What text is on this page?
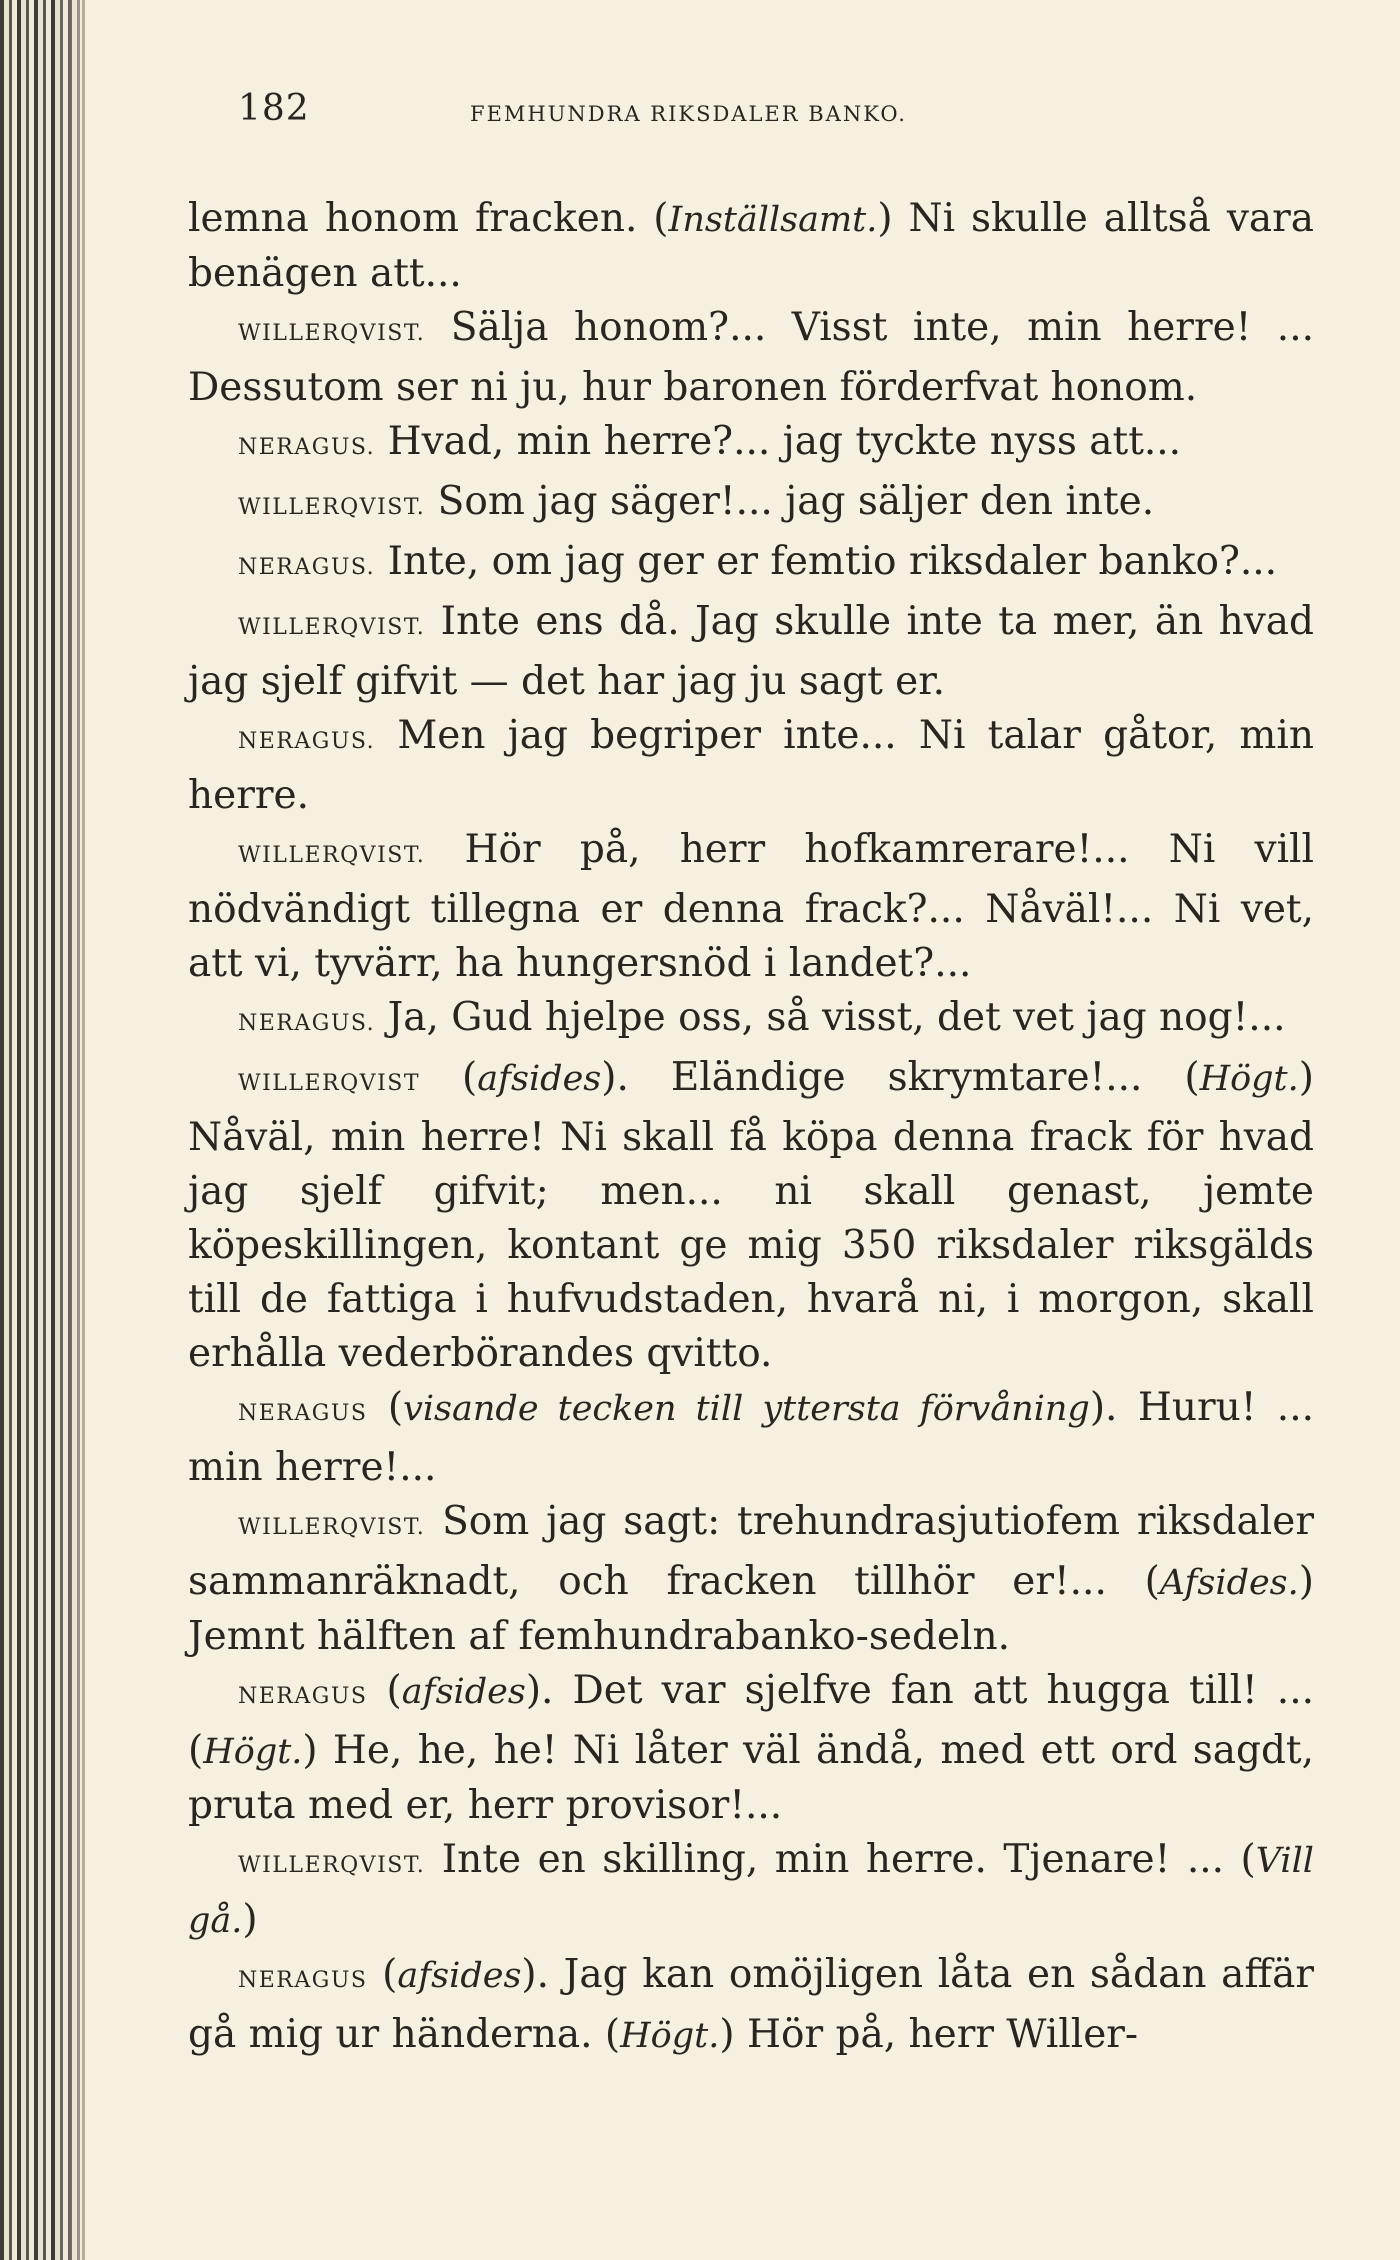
182	FEMHUNDRA RIKSDALER BANKO.

lemna honom fracken. (Inställsamt.) Ni skulle alltså vara benägen att...

WILLERQVIST. Sälja honom?... Visst inte, min herre! ... Dessutom ser ni ju, hur baronen förderfvat honom.

NERAGUS. Hvad, min herre?... jag tyckte nyss att...

WILLERQVIST. Som jag säger!... jag säljer den inte.

NERAGUS. Inte, om jag ger er femtio riksdaler banko?...

WILLERQVIST. Inte ens då. Jag skulle inte ta mer, än hvad jag sjelf gifvit — det har jag ju sagt er.

NERAGUS. Men jag begriper inte... Ni talar gåtor, min herre.

WILLERQVIST. Hör på, herr hofkamrerare!... Ni vill nödvändigt tillegna er denna frack?... Nåväl!... Ni vet, att vi, tyvärr, ha hungersnöd i landet?...

NERAGUS. Ja, Gud hjelpe oss, så visst, det vet jag nog!...

WILLERQVIST (afsides). Eländige skrymtare!... (Högt.) Nåväl, min herre! Ni skall få köpa denna frack för hvad jag sjelf gifvit; men... ni skall genast, jemte köpeskillingen, kontant ge mig 350 riksdaler riksgälds till de fattiga i hufvudstaden, hvarå ni, i morgon, skall erhålla vederbörandes qvitto.

NERAGUS (visande tecken till yttersta förvåning). Huru! ... min herre!...

WILLERQVIST. Som jag sagt: trehundrasjutiofem riksdaler sammanräknadt, och fracken tillhör er!... (Afsides.) Jemnt hälften af femhundrabanko-sedeln.

NERAGUS (afsides). Det var sjelfve fan att hugga till! ... (Högt.) He, he, he! Ni låter väl ändå, med ett ord sagdt, pruta med er, herr provisor!...

WILLERQVIST. Inte en skilling, min herre. Tjenare! ... (Vill gå.)

NERAGUS (afsides). Jag kan omöjligen låta en sådan affär gå mig ur händerna. (Högt.) Hör på, herr Willer-
